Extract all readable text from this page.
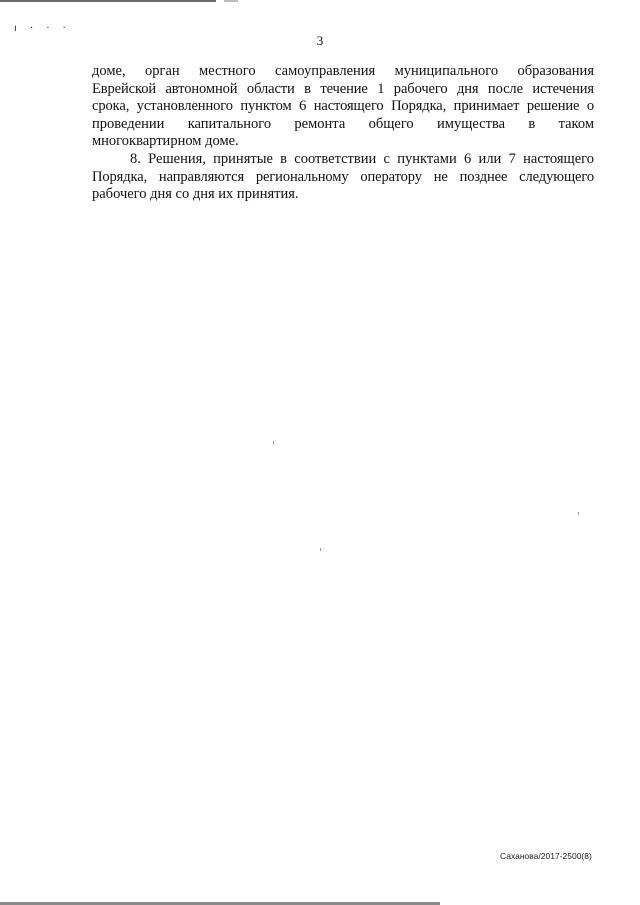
ı · · ·
3
доме, орган местного самоуправления муниципального образования
Еврейской автономной области в течение 1 рабочего дня после истечения
срока, установленного пунктом 6 настоящего Порядка, принимает решение о
проведении капитального ремонта общего имущества в таком
многоквартирном доме.
8. Решения, принятые в соответствии с пунктами 6 или 7 настоящего
Порядка, направляются региональному оператору не позднее следующего
рабочего дня со дня их принятия.
Саханова/2017-2500(8)
